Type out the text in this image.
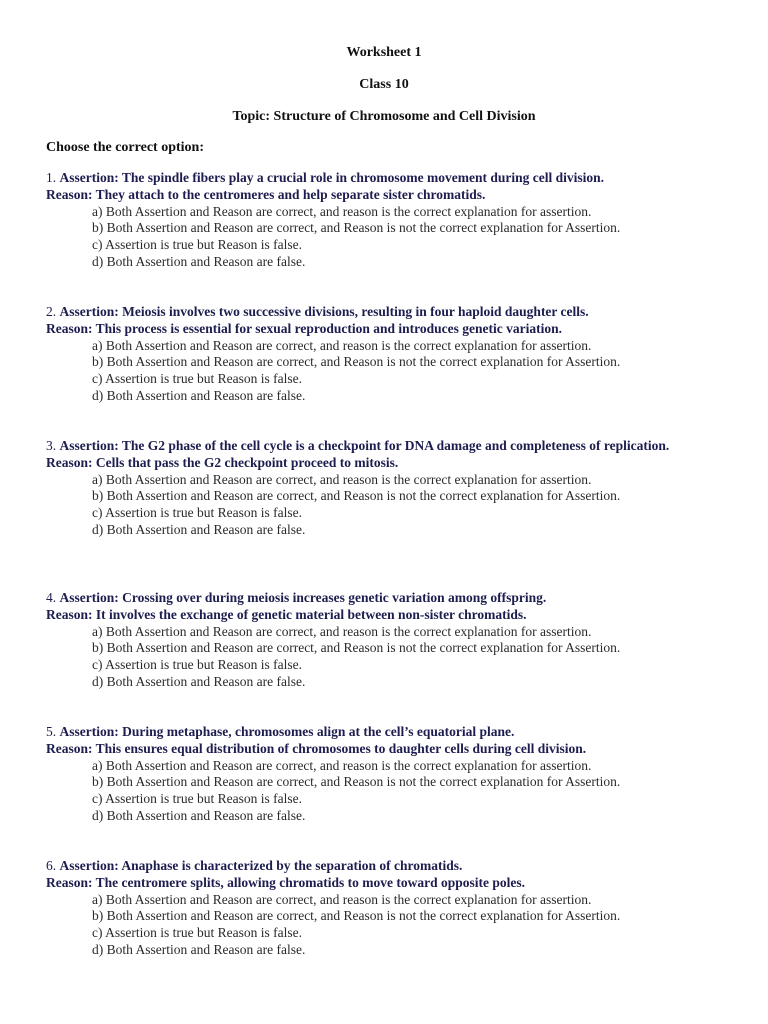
Worksheet 1
Class 10
Topic: Structure of Chromosome and Cell Division
Choose the correct option:
1. Assertion: The spindle fibers play a crucial role in chromosome movement during cell division.
Reason: They attach to the centromeres and help separate sister chromatids.
a) Both Assertion and Reason are correct, and reason is the correct explanation for assertion.
b) Both Assertion and Reason are correct, and Reason is not the correct explanation for Assertion.
c) Assertion is true but Reason is false.
d) Both Assertion and Reason are false.
2. Assertion: Meiosis involves two successive divisions, resulting in four haploid daughter cells.
Reason: This process is essential for sexual reproduction and introduces genetic variation.
a) Both Assertion and Reason are correct, and reason is the correct explanation for assertion.
b) Both Assertion and Reason are correct, and Reason is not the correct explanation for Assertion.
c) Assertion is true but Reason is false.
d) Both Assertion and Reason are false.
3. Assertion: The G2 phase of the cell cycle is a checkpoint for DNA damage and completeness of replication.
Reason: Cells that pass the G2 checkpoint proceed to mitosis.
a) Both Assertion and Reason are correct, and reason is the correct explanation for assertion.
b) Both Assertion and Reason are correct, and Reason is not the correct explanation for Assertion.
c) Assertion is true but Reason is false.
d) Both Assertion and Reason are false.
4. Assertion: Crossing over during meiosis increases genetic variation among offspring.
Reason: It involves the exchange of genetic material between non-sister chromatids.
a) Both Assertion and Reason are correct, and reason is the correct explanation for assertion.
b) Both Assertion and Reason are correct, and Reason is not the correct explanation for Assertion.
c) Assertion is true but Reason is false.
d) Both Assertion and Reason are false.
5. Assertion: During metaphase, chromosomes align at the cell’s equatorial plane.
Reason: This ensures equal distribution of chromosomes to daughter cells during cell division.
a) Both Assertion and Reason are correct, and reason is the correct explanation for assertion.
b) Both Assertion and Reason are correct, and Reason is not the correct explanation for Assertion.
c) Assertion is true but Reason is false.
d) Both Assertion and Reason are false.
6. Assertion: Anaphase is characterized by the separation of chromatids.
Reason: The centromere splits, allowing chromatids to move toward opposite poles.
a) Both Assertion and Reason are correct, and reason is the correct explanation for assertion.
b) Both Assertion and Reason are correct, and Reason is not the correct explanation for Assertion.
c) Assertion is true but Reason is false.
d) Both Assertion and Reason are false.
